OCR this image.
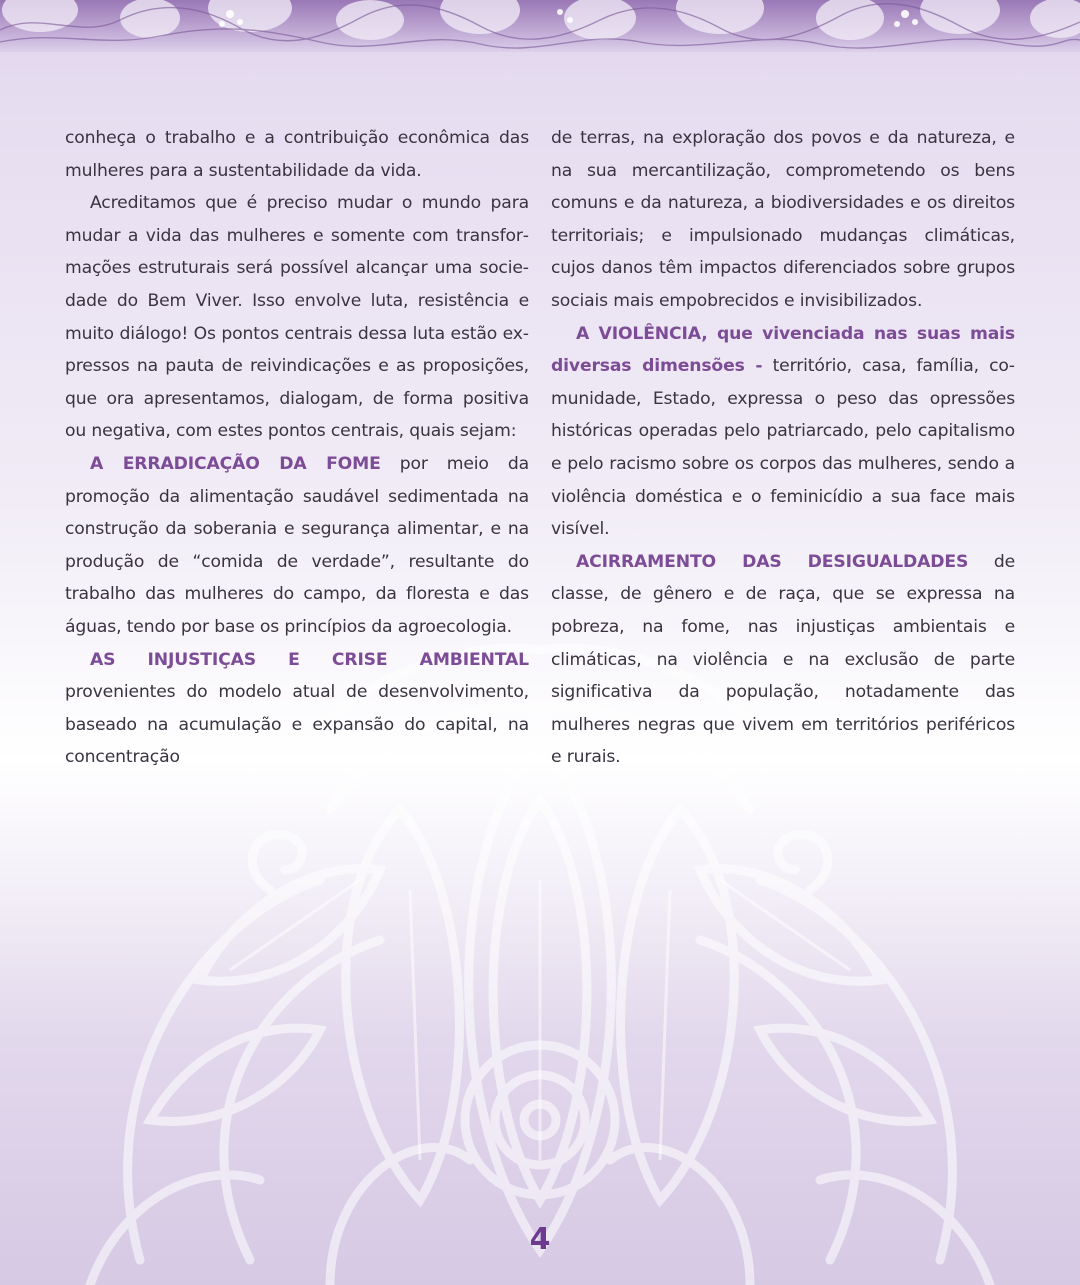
conheça o trabalho e a contribuição econômica das mulheres para a sustentabilidade da vida.

Acreditamos que é preciso mudar o mundo para mudar a vida das mulheres e somente com transformações estruturais será possível alcançar uma sociedade do Bem Viver. Isso envolve luta, resistência e muito diálogo! Os pontos centrais dessa luta estão expressos na pauta de reivindicações e as proposições, que ora apresentamos, dialogam, de forma positiva ou negativa, com estes pontos centrais, quais sejam:

A ERRADICAÇÃO DA FOME por meio da promoção da alimentação saudável sedimentada na construção da soberania e segurança alimentar, e na produção de “comida de verdade”, resultante do trabalho das mulheres do campo, da floresta e das águas, tendo por base os princípios da agroecologia.

AS INJUSTIÇAS E CRISE AMBIENTAL provenientes do modelo atual de desenvolvimento, baseado na acumulação e expansão do capital, na concentração

de terras, na exploração dos povos e da natureza, e na sua mercantilização, comprometendo os bens comuns e da natureza, a biodiversidades e os direitos territoriais; e impulsionado mudanças climáticas, cujos danos têm impactos diferenciados sobre grupos sociais mais empobrecidos e invisibilizados.

A VIOLÊNCIA, que vivenciada nas suas mais diversas dimensões - território, casa, família, comunidade, Estado, expressa o peso das opressões históricas operadas pelo patriarcado, pelo capitalismo e pelo racismo sobre os corpos das mulheres, sendo a violência doméstica e o feminicídio a sua face mais visível.

ACIRRAMENTO DAS DESIGUALDADES de classe, de gênero e de raça, que se expressa na pobreza, na fome, nas injustiças ambientais e climáticas, na violência e na exclusão de parte significativa da população, notadamente das mulheres negras que vivem em territórios periféricos e rurais.

4
